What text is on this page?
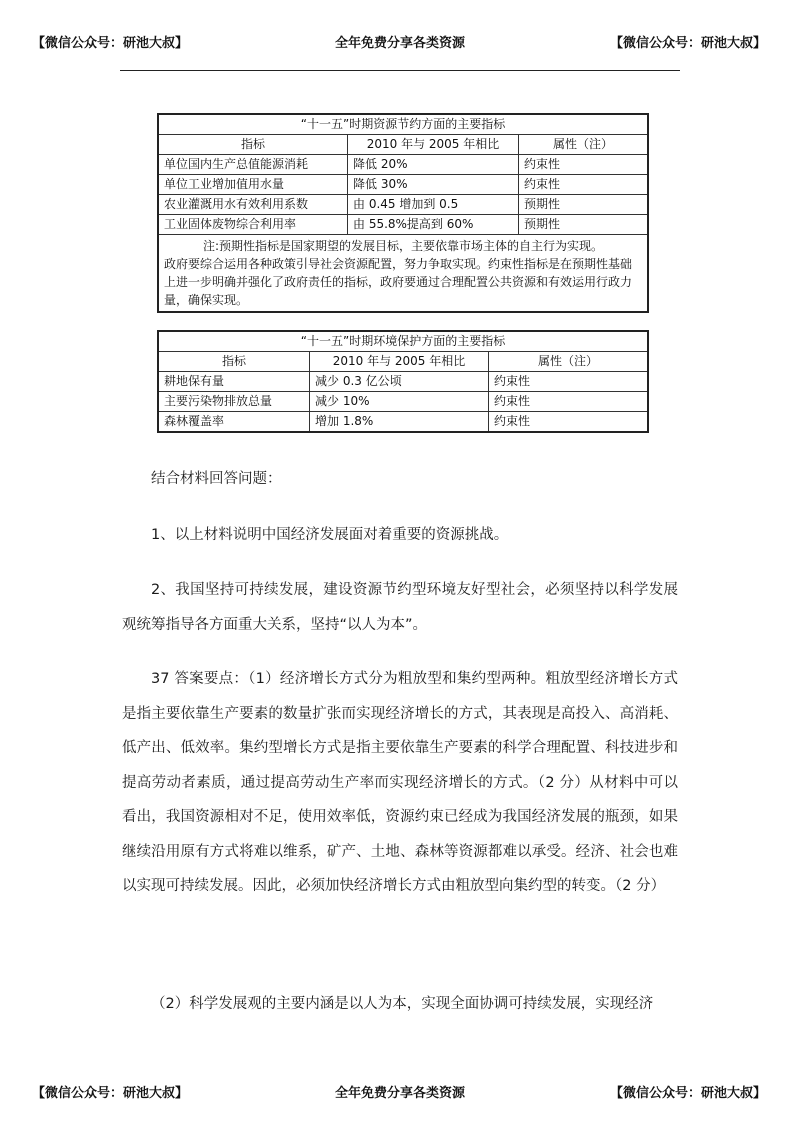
【微信公众号：研池大叔】	全年免费分享各类资源	【微信公众号：研池大叔】
“十一五”时期资源节约方面的主要指标		
指标	2010 年与 2005 年相比	属性（注）
单位国内生产总值能源消耗	降低 20%	约束性
单位工业增加值用水量	降低 30%	约束性
农业灌溉用水有效利用系数	由 0.45 增加到 0.5	预期性
工业固体废物综合利用率	由 55.8%提高到 60%	预期性

注:预期性指标是国家期望的发展目标，主要依靠市场主体的自主行为实现。
政府要综合运用各种政策引导社会资源配置，努力争取实现。约束性指标是在预期性基础上进一步明确并强化了政府责任的指标，政府要通过合理配置公共资源和有效运用行政力量，确保实现。		
“十一五”时期环境保护方面的主要指标		
指标	2010 年与 2005 年相比	属性（注）
耕地保有量	减少 0.3 亿公顷	约束性
主要污染物排放总量	减少 10%	约束性
森林覆盖率	增加 1.8%	约束性
结合材料回答问题：
1、以上材料说明中国经济发展面对着重要的资源挑战。
2、我国坚持可持续发展，建设资源节约型环境友好型社会，必须坚持以科学发展观统筹指导各方面重大关系，坚持“以人为本”。
37 答案要点：（1）经济增长方式分为粗放型和集约型两种。粗放型经济增长方式是指主要依靠生产要素的数量扩张而实现经济增长的方式，其表现是高投入、高消耗、低产出、低效率。集约型增长方式是指主要依靠生产要素的科学合理配置、科技进步和提高劳动者素质，通过提高劳动生产率而实现经济增长的方式。（2 分）从材料中可以看出，我国资源相对不足，使用效率低，资源约束已经成为我国经济发展的瓶颈，如果继续沿用原有方式将难以维系，矿产、土地、森林等资源都难以承受。经济、社会也难以实现可持续发展。因此，必须加快经济增长方式由粗放型向集约型的转变。（2 分）
（2）科学发展观的主要内涵是以人为本，实现全面协调可持续发展，实现经济
【微信公众号：研池大叔】	全年免费分享各类资源	【微信公众号：研池大叔】
